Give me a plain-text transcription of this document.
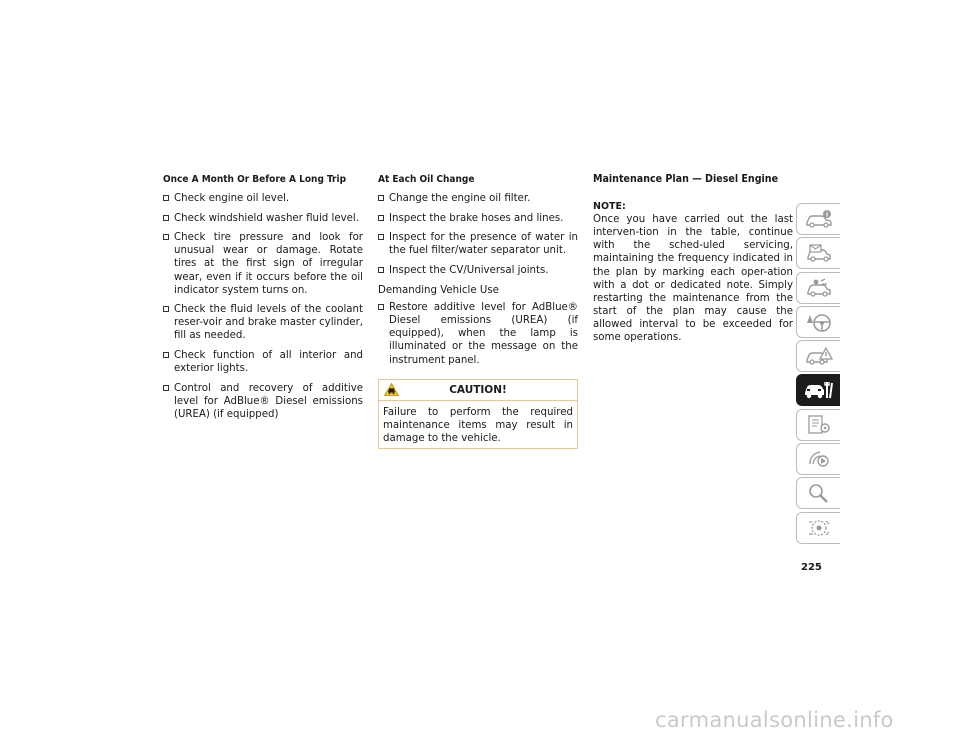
Once A Month Or Before A Long Trip
Check engine oil level.
Check windshield washer fluid level.
Check tire pressure and look for unusual wear or damage. Rotate tires at the first sign of irregular wear, even if it occurs before the oil indicator system turns on.
Check the fluid levels of the coolant reser-voir and brake master cylinder, fill as needed.
Check function of all interior and exterior lights.
Control and recovery of additive level for AdBlue® Diesel emissions (UREA) (if equipped)
At Each Oil Change
Change the engine oil filter.
Inspect the brake hoses and lines.
Inspect for the presence of water in the fuel filter/water separator unit.
Inspect the CV/Universal joints.
Demanding Vehicle Use
Restore additive level for AdBlue® Diesel emissions (UREA) (if equipped), when the lamp is illuminated or the message on the instrument panel.
CAUTION!
Failure to perform the required maintenance items may result in damage to the vehicle.
Maintenance Plan — Diesel Engine
NOTE:
Once you have carried out the last interven-tion in the table, continue with the sched-uled servicing, maintaining the frequency indicated in the plan by marking each oper-ation with a dot or dedicated note. Simply restarting the maintenance from the start of the plan may cause the allowed interval to be exceeded for some operations.
i
225
carmanualsonline.info
